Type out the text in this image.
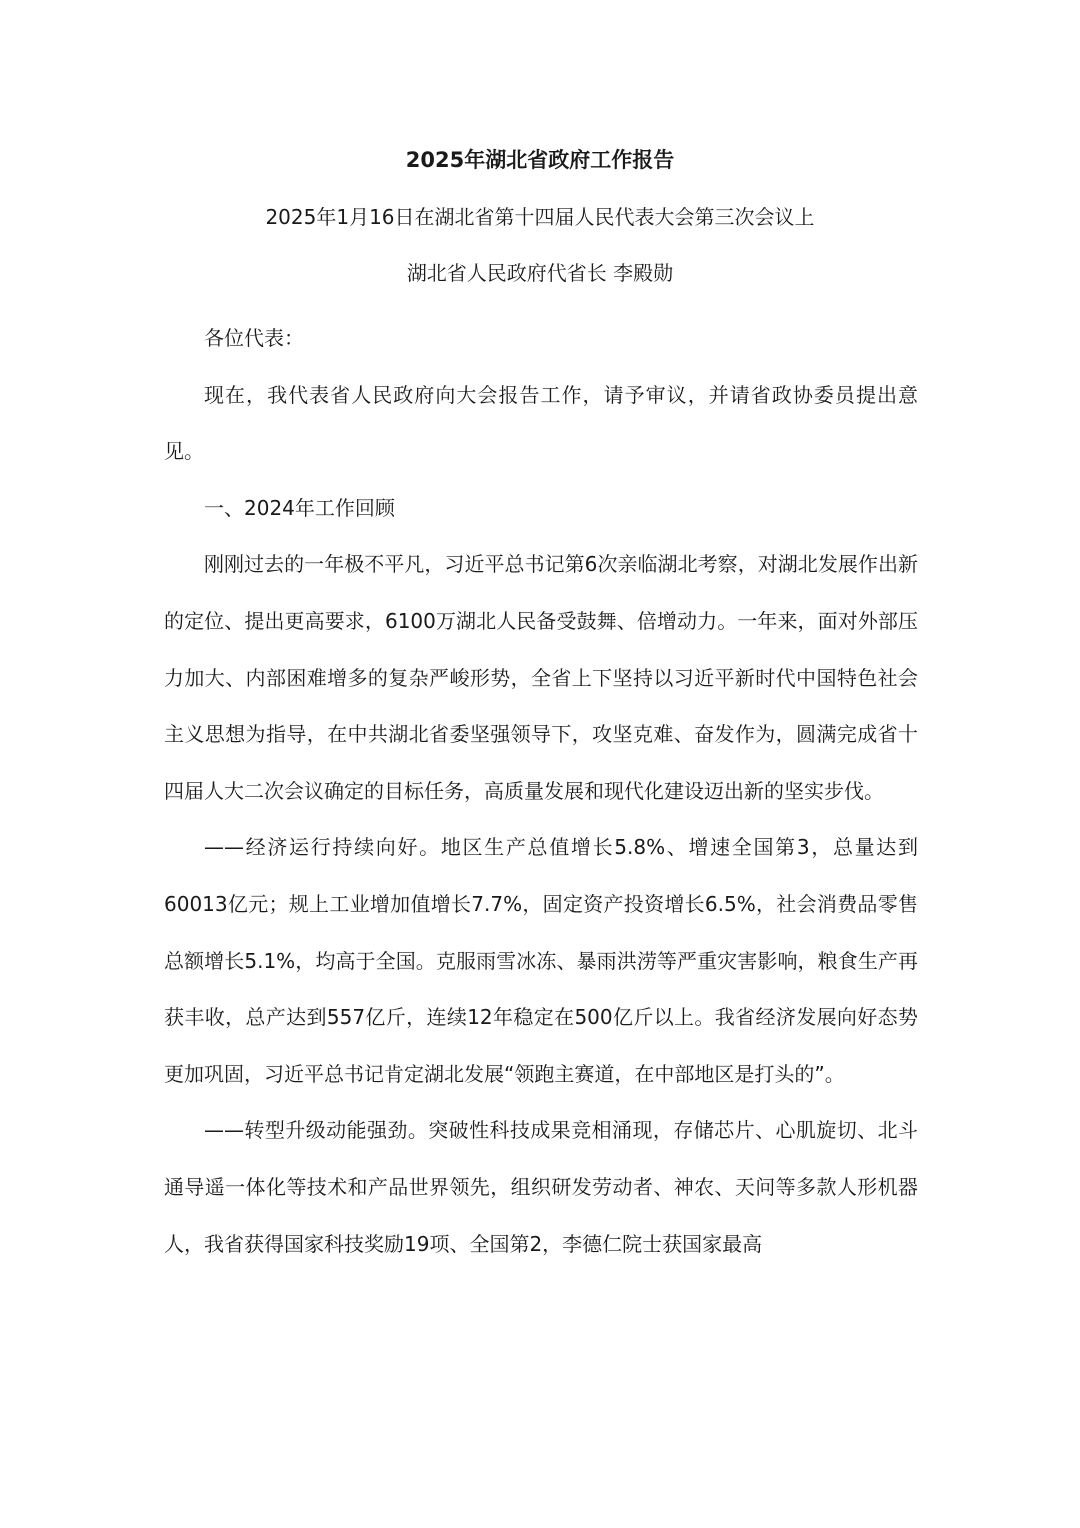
2025年湖北省政府工作报告
2025年1月16日在湖北省第十四届人民代表大会第三次会议上
湖北省人民政府代省长 李殿勋

各位代表：

现在，我代表省人民政府向大会报告工作，请予审议，并请省政协委员提出意见。

一、2024年工作回顾

刚刚过去的一年极不平凡，习近平总书记第6次亲临湖北考察，对湖北发展作出新的定位、提出更高要求，6100万湖北人民备受鼓舞、倍增动力。一年来，面对外部压力加大、内部困难增多的复杂严峻形势，全省上下坚持以习近平新时代中国特色社会主义思想为指导，在中共湖北省委坚强领导下，攻坚克难、奋发作为，圆满完成省十四届人大二次会议确定的目标任务，高质量发展和现代化建设迈出新的坚实步伐。

——经济运行持续向好。地区生产总值增长5.8%、增速全国第3，总量达到60013亿元；规上工业增加值增长7.7%，固定资产投资增长6.5%，社会消费品零售总额增长5.1%，均高于全国。克服雨雪冰冻、暴雨洪涝等严重灾害影响，粮食生产再获丰收，总产达到557亿斤，连续12年稳定在500亿斤以上。我省经济发展向好态势更加巩固，习近平总书记肯定湖北发展“领跑主赛道，在中部地区是打头的”。

——转型升级动能强劲。突破性科技成果竞相涌现，存储芯片、心肌旋切、北斗通导遥一体化等技术和产品世界领先，组织研发劳动者、神农、天问等多款人形机器人，我省获得国家科技奖励19项、全国第2，李德仁院士获国家最高
